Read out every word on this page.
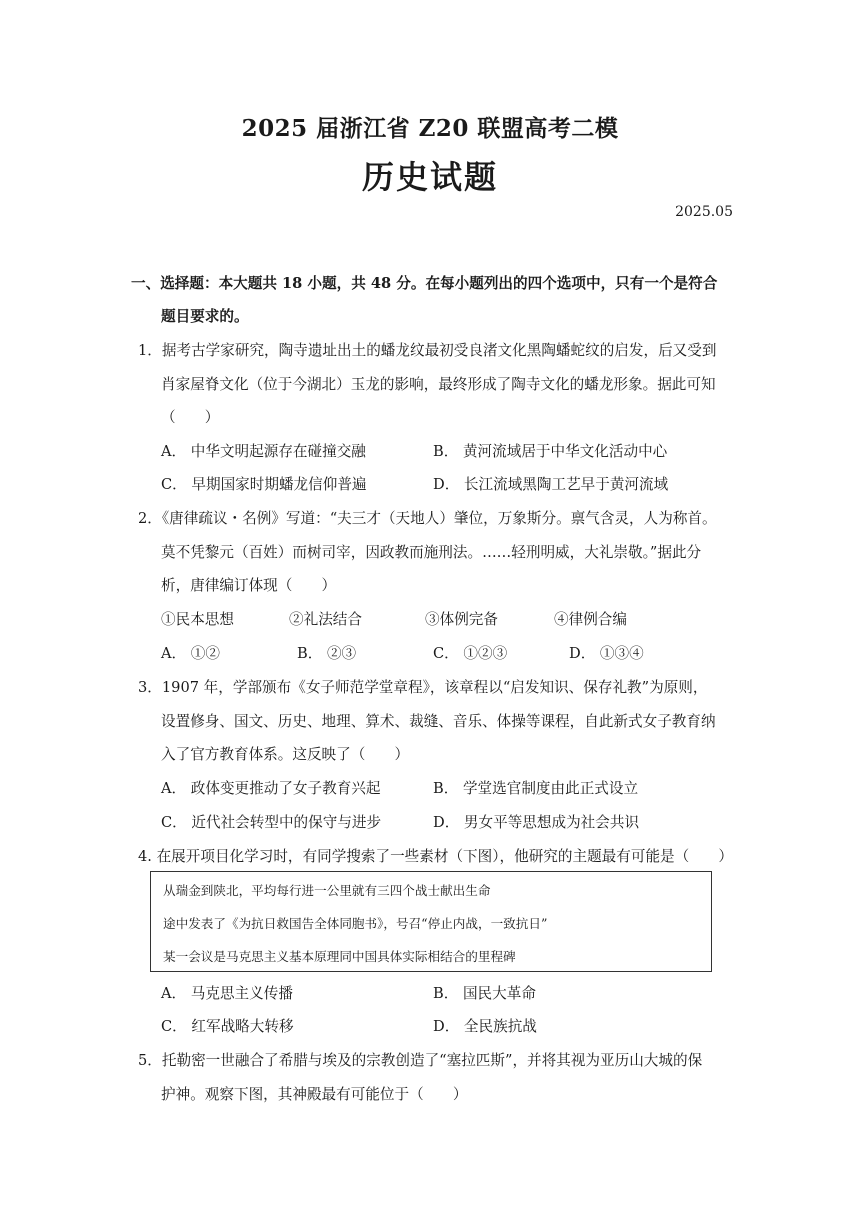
2025 届浙江省 Z20 联盟高考二模
历史试题
2025.05
一、选择题：本大题共 18 小题，共 48 分。在每小题列出的四个选项中，只有一个是符合
题目要求的。
1．据考古学家研究，陶寺遗址出土的蟠龙纹最初受良渚文化黑陶蟠蛇纹的启发，后又受到
肖家屋脊文化（位于今湖北）玉龙的影响，最终形成了陶寺文化的蟠龙形象。据此可知
（　　）
A． 中华文明起源存在碰撞交融	B． 黄河流域居于中华文化活动中心
C． 早期国家时期蟠龙信仰普遍	D． 长江流域黑陶工艺早于黄河流域
2．《唐律疏议・名例》写道：“夫三才（天地人）肇位，万象斯分。禀气含灵，人为称首。
莫不凭黎元（百姓）而树司宰，因政教而施刑法。……轻刑明威，大礼崇敬。”据此分
析，唐律编订体现（　　）
①民本思想	②礼法结合	③体例完备	④律例合编
A． ①②	B． ②③	C． ①②③	D． ①③④
3．1907 年，学部颁布《女子师范学堂章程》，该章程以“启发知识、保存礼教”为原则，
设置修身、国文、历史、地理、算术、裁缝、音乐、体操等课程，自此新式女子教育纳
入了官方教育体系。这反映了（　　）
A． 政体变更推动了女子教育兴起	B． 学堂选官制度由此正式设立
C． 近代社会转型中的保守与进步	D． 男女平等思想成为社会共识
4. 在展开项目化学习时，有同学搜索了一些素材（下图），他研究的主题最有可能是（　　）
从瑞金到陕北，平均每行进一公里就有三四个战士献出生命
途中发表了《为抗日救国告全体同胞书》，号召“停止内战，一致抗日”
某一会议是马克思主义基本原理同中国具体实际相结合的里程碑
A． 马克思主义传播	B． 国民大革命
C． 红军战略大转移	D． 全民族抗战
5．托勒密一世融合了希腊与埃及的宗教创造了“塞拉匹斯”，并将其视为亚历山大城的保
护神。观察下图，其神殿最有可能位于（　　）
